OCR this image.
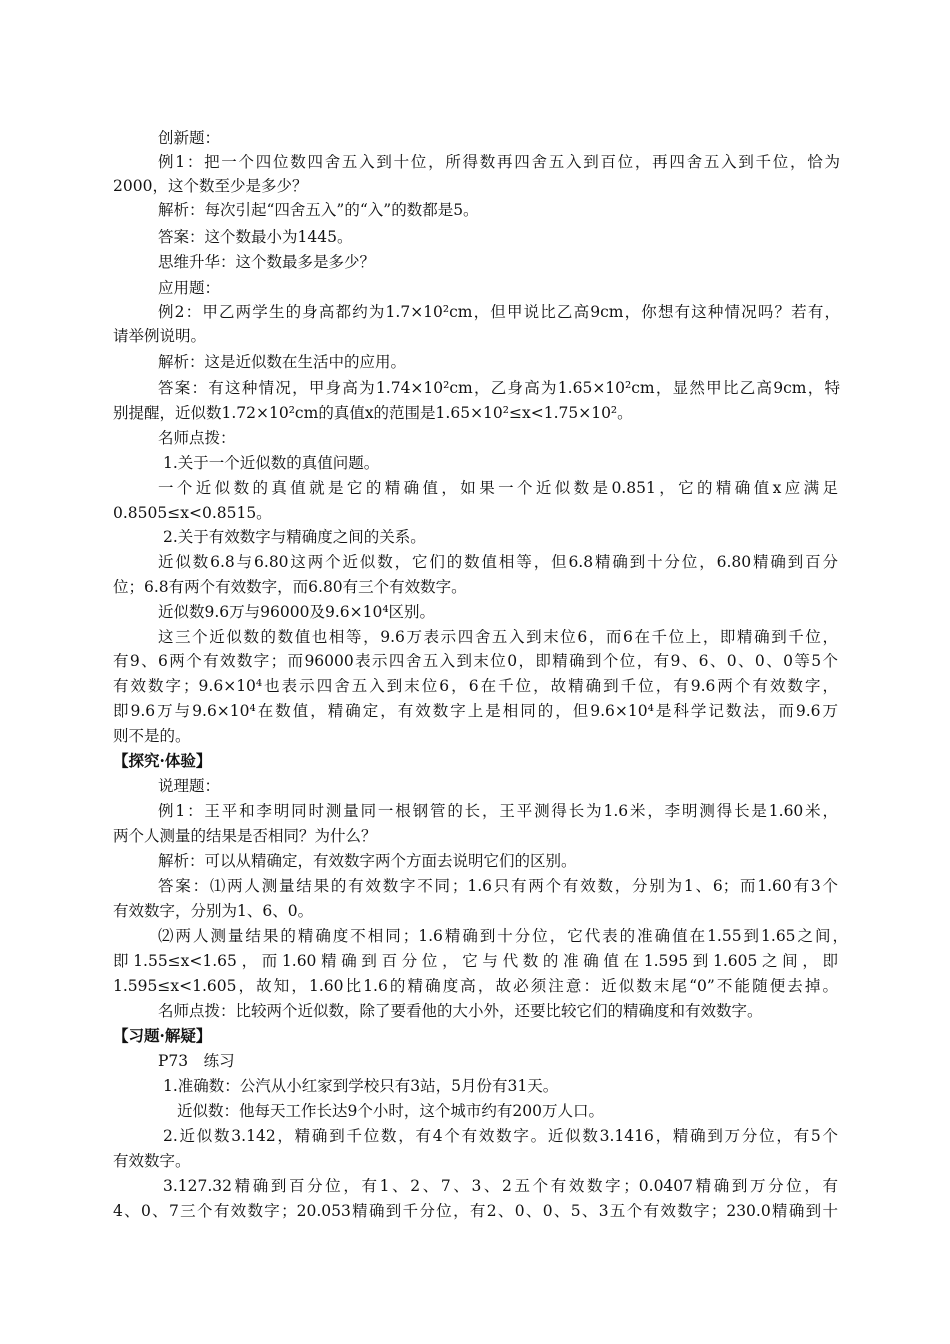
创新题：
例1：把一个四位数四舍五入到十位，所得数再四舍五入到百位，再四舍五入到千位，恰为
2000，这个数至少是多少？
解析：每次引起“四舍五入”的“入”的数都是5。
答案：这个数最小为1445。
思维升华：这个数最多是多少？
应用题：
例2：甲乙两学生的身高都约为1.7×10²cm，但甲说比乙高9cm，你想有这种情况吗？若有，
请举例说明。
解析：这是近似数在生活中的应用。
答案：有这种情况，甲身高为1.74×10²cm，乙身高为1.65×10²cm，显然甲比乙高9cm，特
别提醒，近似数1.72×10²cm的真值x的范围是1.65×10²≤x<1.75×10²。
名师点拨：
1.关于一个近似数的真值问题。
一个近似数的真值就是它的精确值，如果一个近似数是0.851，它的精确值x应满足
0.8505≤x<0.8515。
2.关于有效数字与精确度之间的关系。
近似数6.8与6.80这两个近似数，它们的数值相等，但6.8精确到十分位，6.80精确到百分
位；6.8有两个有效数字，而6.80有三个有效数字。
近似数9.6万与96000及9.6×10⁴区别。
这三个近似数的数值也相等，9.6万表示四舍五入到末位6，而6在千位上，即精确到千位，
有9、6两个有效数字；而96000表示四舍五入到末位0，即精确到个位，有9、6、0、0、0等5个
有效数字；9.6×10⁴也表示四舍五入到末位6，6在千位，故精确到千位，有9.6两个有效数字，
即9.6万与9.6×10⁴在数值，精确定，有效数字上是相同的，但9.6×10⁴是科学记数法，而9.6万
则不是的。
【探究·体验】
说理题：
例1：王平和李明同时测量同一根钢管的长，王平测得长为1.6米，李明测得长是1.60米，
两个人测量的结果是否相同？为什么？
解析：可以从精确定，有效数字两个方面去说明它们的区别。
答案：⑴两人测量结果的有效数字不同；1.6只有两个有效数，分别为1、6；而1.60有3个
有效数字，分别为1、6、0。
⑵两人测量结果的精确度不相同；1.6精确到十分位，它代表的准确值在1.55到1.65之间，
即1.55≤x<1.65，而1.60精确到百分位，它与代数的准确值在1.595到1.605之间，即
1.595≤x<1.605，故知，1.60比1.6的精确度高，故必须注意：近似数末尾“0”不能随便去掉。
名师点拨：比较两个近似数，除了要看他的大小外，还要比较它们的精确度和有效数字。
【习题·解疑】
P73　练习
1.准确数：公汽从小红家到学校只有3站，5月份有31天。
近似数：他每天工作长达9个小时，这个城市约有200万人口。
2.近似数3.142，精确到千位数，有4个有效数字。近似数3.1416，精确到万分位，有5个
有效数字。
3.127.32精确到百分位，有1、2、7、3、2五个有效数字；0.0407精确到万分位，有
4、0、7三个有效数字；20.053精确到千分位，有2、0、0、5、3五个有效数字；230.0精确到十
